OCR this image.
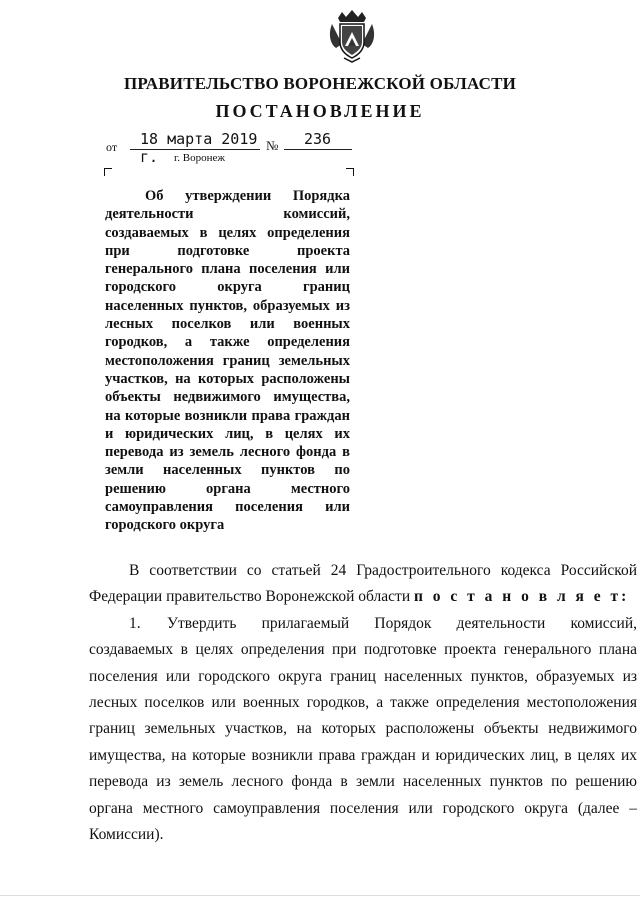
ПРАВИТЕЛЬСТВО ВОРОНЕЖСКОЙ ОБЛАСТИ
ПОСТАНОВЛЕНИЕ
от	18 марта 2019 г.
№	236
г. Воронеж
Об утверждении Порядка деятельности комиссий, создаваемых в целях определения при подготовке проекта генерального плана поселения или городского округа границ населенных пунктов, образуемых из лесных поселков или военных городков, а также определения местоположения границ земельных участков, на которых расположены объекты недвижимого имущества, на которые возникли права граждан и юридических лиц, в целях их перевода из земель лесного фонда в земли населенных пунктов по решению органа местного самоуправления поселения или городского округа

В соответствии со статьей 24 Градостроительного кодекса Российской Федерации правительство Воронежской области п о с т а н о в л я е т:

1. Утвердить прилагаемый Порядок деятельности комиссий, создаваемых в целях определения при подготовке проекта генерального плана поселения или городского округа границ населенных пунктов, образуемых из лесных поселков или военных городков, а также определения местоположения границ земельных участков, на которых расположены объекты недвижимого имущества, на которые возникли права граждан и юридических лиц, в целях их перевода из земель лесного фонда в земли населенных пунктов по решению органа местного самоуправления поселения или городского округа (далее – Комиссии).
